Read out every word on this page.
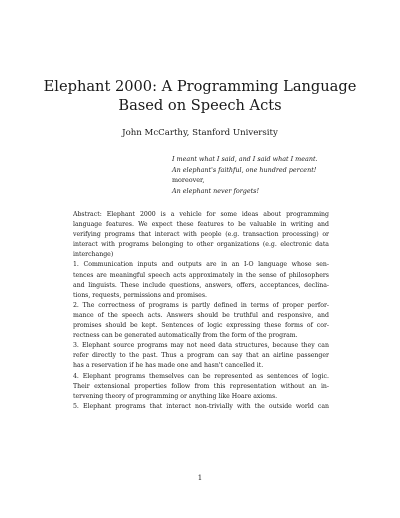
Elephant 2000: A Programming Language
Based on Speech Acts
John McCarthy, Stanford University
I meant what I said, and I said what I meant.
An elephant's faithful, one hundred percent!
moreover,
An elephant never forgets!
Abstract: Elephant 2000 is a vehicle for some ideas about programming
language features. We expect these features to be valuable in writing and
verifying programs that interact with people (e.g. transaction processing) or
interact with programs belonging to other organizations (e.g. electronic data
interchange)
1. Communication inputs and outputs are in an I-O language whose sen-
tences are meaningful speech acts approximately in the sense of philosophers
and linguists. These include questions, answers, offers, acceptances, declina-
tions, requests, permissions and promises.
2. The correctness of programs is partly defined in terms of proper perfor-
mance of the speech acts. Answers should be truthful and responsive, and
promises should be kept. Sentences of logic expressing these forms of cor-
rectness can be generated automatically from the form of the program.
3. Elephant source programs may not need data structures, because they can
refer directly to the past. Thus a program can say that an airline passenger
has a reservation if he has made one and hasn't cancelled it.
4. Elephant programs themselves can be represented as sentences of logic.
Their extensional properties follow from this representation without an in-
tervening theory of programming or anything like Hoare axioms.
5. Elephant programs that interact non-trivially with the outside world can
1
